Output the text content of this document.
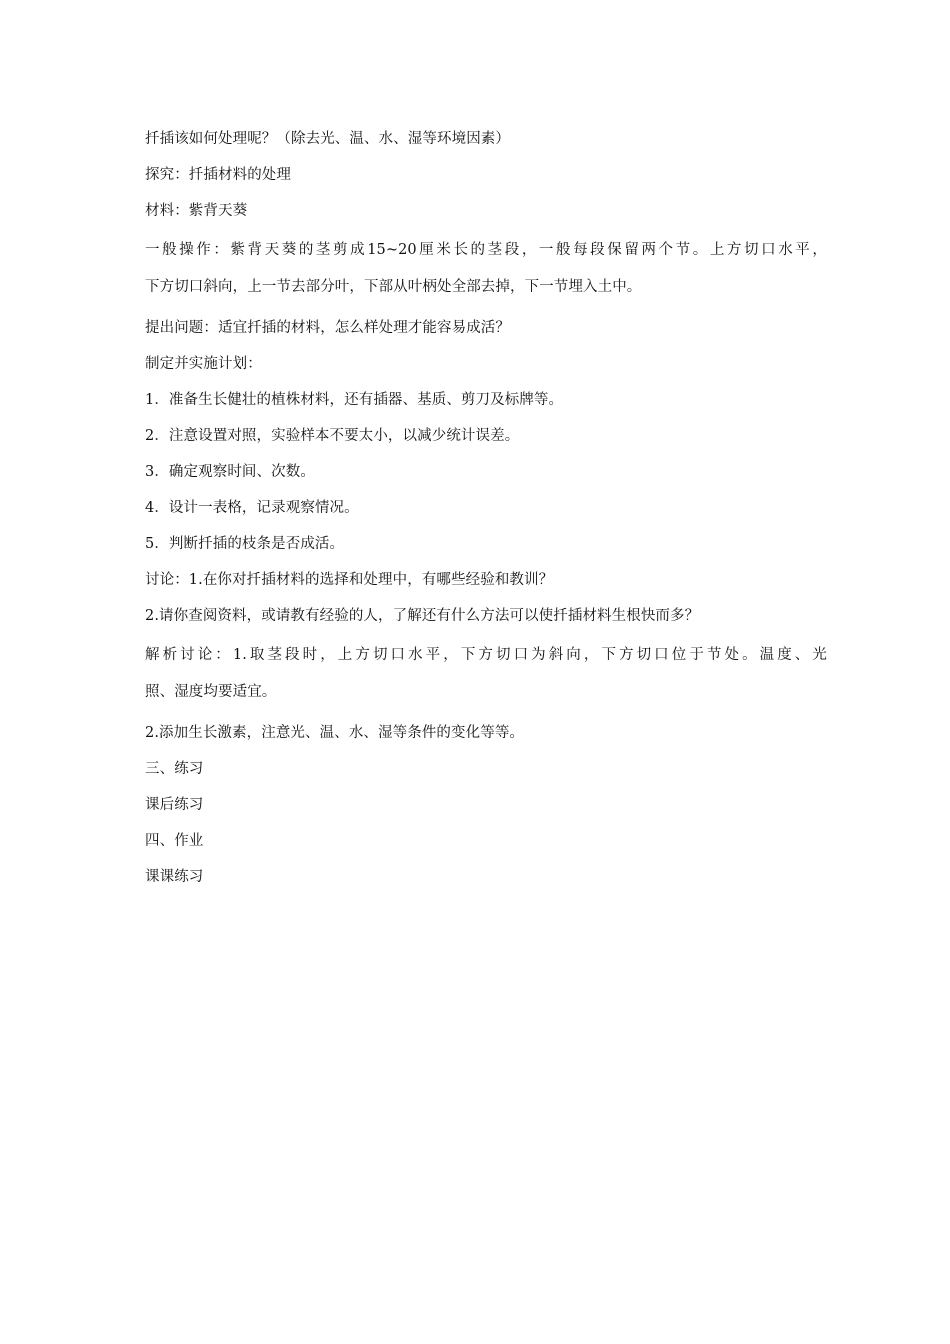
扦插该如何处理呢？（除去光、温、水、湿等环境因素）

探究：扦插材料的处理

材料：紫背天葵

一般操作：紫背天葵的茎剪成15~20厘米长的茎段，一般每段保留两个节。上方切口水平，

下方切口斜向，上一节去部分叶，下部从叶柄处全部去掉，下一节埋入土中。

提出问题：适宜扦插的材料，怎么样处理才能容易成活？

制定并实施计划：

1．准备生长健壮的植株材料，还有插器、基质、剪刀及标牌等。

2．注意设置对照，实验样本不要太小，以减少统计误差。

3．确定观察时间、次数。

4．设计一表格，记录观察情况。

5．判断扦插的枝条是否成活。

讨论：1.在你对扦插材料的选择和处理中，有哪些经验和教训？

2.请你查阅资料，或请教有经验的人，了解还有什么方法可以使扦插材料生根快而多？

解析讨论：1.取茎段时，上方切口水平，下方切口为斜向，下方切口位于节处。温度、光

照、湿度均要适宜。

2.添加生长激素，注意光、温、水、湿等条件的变化等等。

三、练习

课后练习

四、作业

课课练习
